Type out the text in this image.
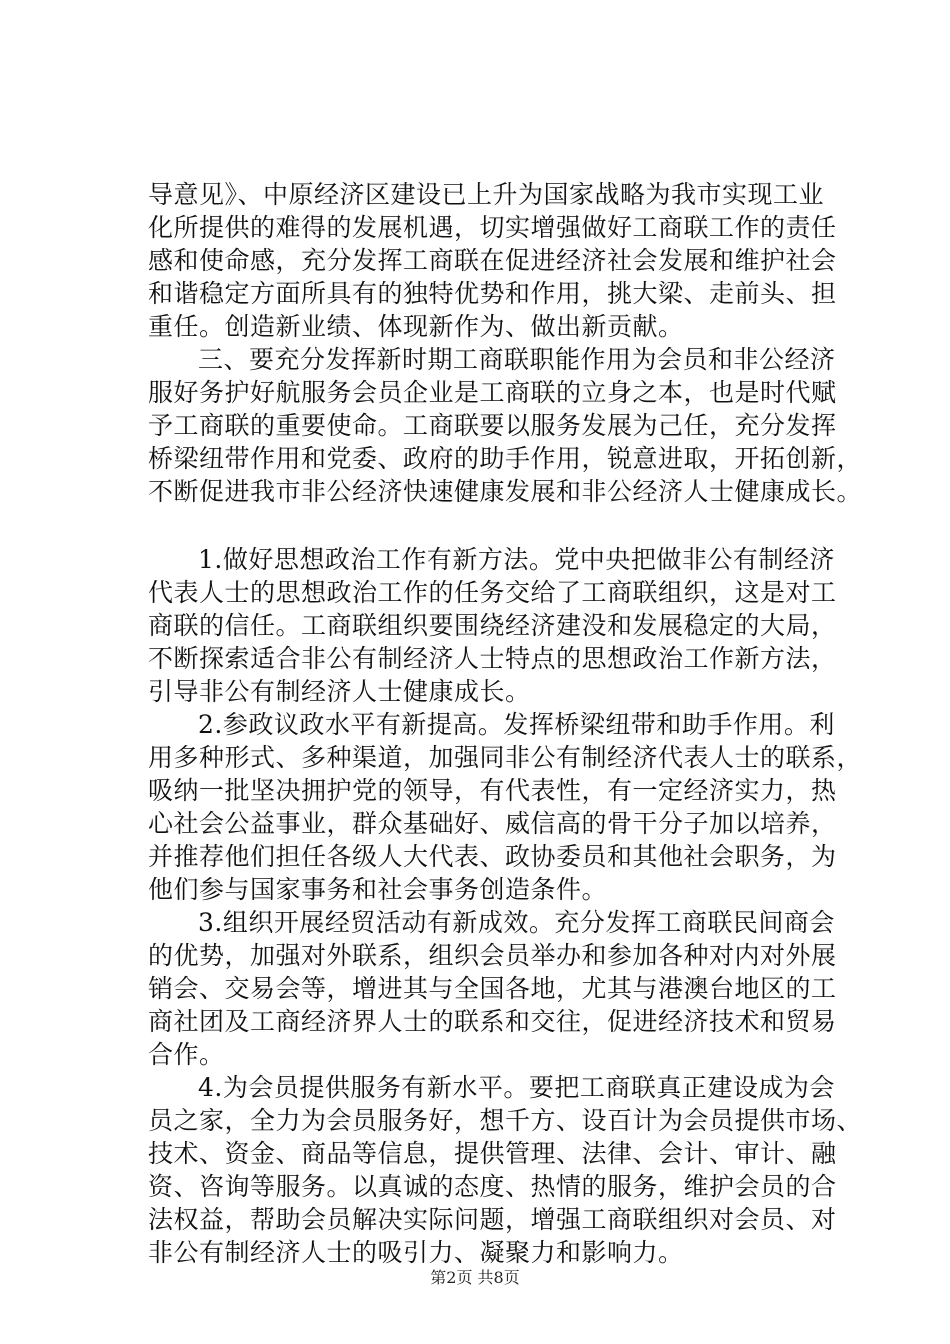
导意见》、中原经济区建设已上升为国家战略为我市实现工业
化所提供的难得的发展机遇，切实增强做好工商联工作的责任
感和使命感，充分发挥工商联在促进经济社会发展和维护社会
和谐稳定方面所具有的独特优势和作用，挑大梁、走前头、担
重任。创造新业绩、体现新作为、做出新贡献。
三、要充分发挥新时期工商联职能作用为会员和非公经济
服好务护好航服务会员企业是工商联的立身之本，也是时代赋
予工商联的重要使命。工商联要以服务发展为己任，充分发挥
桥梁纽带作用和党委、政府的助手作用，锐意进取，开拓创新，
不断促进我市非公经济快速健康发展和非公经济人士健康成长。
1.做好思想政治工作有新方法。党中央把做非公有制经济
代表人士的思想政治工作的任务交给了工商联组织，这是对工
商联的信任。工商联组织要围绕经济建没和发展稳定的大局，
不断探索适合非公有制经济人士特点的思想政治工作新方法，
引导非公有制经济人士健康成长。
2.参政议政水平有新提高。发挥桥梁纽带和助手作用。利
用多种形式、多种渠道，加强同非公有制经济代表人士的联系，
吸纳一批坚决拥护党的领导，有代表性，有一定经济实力，热
心社会公益事业，群众基础好、威信高的骨干分子加以培养，
并推荐他们担任各级人大代表、政协委员和其他社会职务，为
他们参与国家事务和社会事务创造条件。
3.组织开展经贸活动有新成效。充分发挥工商联民间商会
的优势，加强对外联系，组织会员举办和参加各种对内对外展
销会、交易会等，增进其与全国各地，尤其与港澳台地区的工
商社团及工商经济界人士的联系和交往，促进经济技术和贸易
合作。
4.为会员提供服务有新水平。要把工商联真正建设成为会
员之家，全力为会员服务好，想千方、设百计为会员提供市场、
技术、资金、商品等信息，提供管理、法律、会计、审计、融
资、咨询等服务。以真诚的态度、热情的服务，维护会员的合
法权益，帮助会员解决实际问题，增强工商联组织对会员、对
非公有制经济人士的吸引力、凝聚力和影响力。
第2页 共8页
